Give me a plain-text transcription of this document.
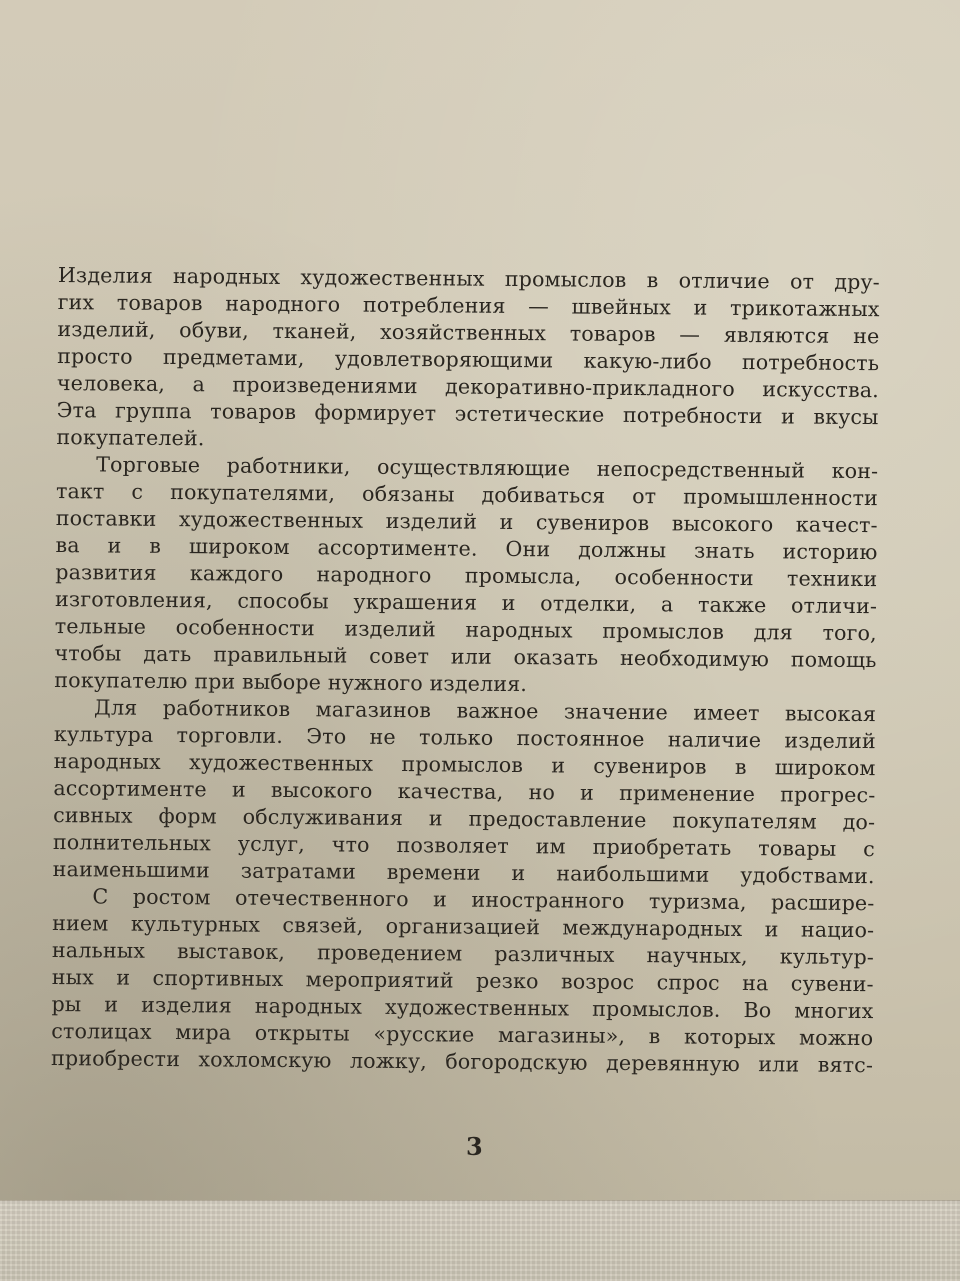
Изделия народных художественных промыслов в отличие от дру-
гих товаров народного потребления — швейных и трикотажных
изделий, обуви, тканей, хозяйственных товаров — являются не
просто предметами, удовлетворяющими какую-либо потребность
человека, а произведениями декоративно-прикладного искусства.
Эта группа товаров формирует эстетические потребности и вкусы
покупателей.
Торговые работники, осуществляющие непосредственный кон-
такт с покупателями, обязаны добиваться от промышленности
поставки художественных изделий и сувениров высокого качест-
ва и в широком ассортименте. Они должны знать историю
развития каждого народного промысла, особенности техники
изготовления, способы украшения и отделки, а также отличи-
тельные особенности изделий народных промыслов для того,
чтобы дать правильный совет или оказать необходимую помощь
покупателю при выборе нужного изделия.
Для работников магазинов важное значение имеет высокая
культура торговли. Это не только постоянное наличие изделий
народных художественных промыслов и сувениров в широком
ассортименте и высокого качества, но и применение прогрес-
сивных форм обслуживания и предоставление покупателям до-
полнительных услуг, что позволяет им приобретать товары с
наименьшими затратами времени и наибольшими удобствами.
С ростом отечественного и иностранного туризма, расшире-
нием культурных связей, организацией международных и нацио-
нальных выставок, проведением различных научных, культур-
ных и спортивных мероприятий резко возрос спрос на сувени-
ры и изделия народных художественных промыслов. Во многих
столицах мира открыты «русские магазины», в которых можно
приобрести хохломскую ложку, богородскую деревянную или вятс-
3
